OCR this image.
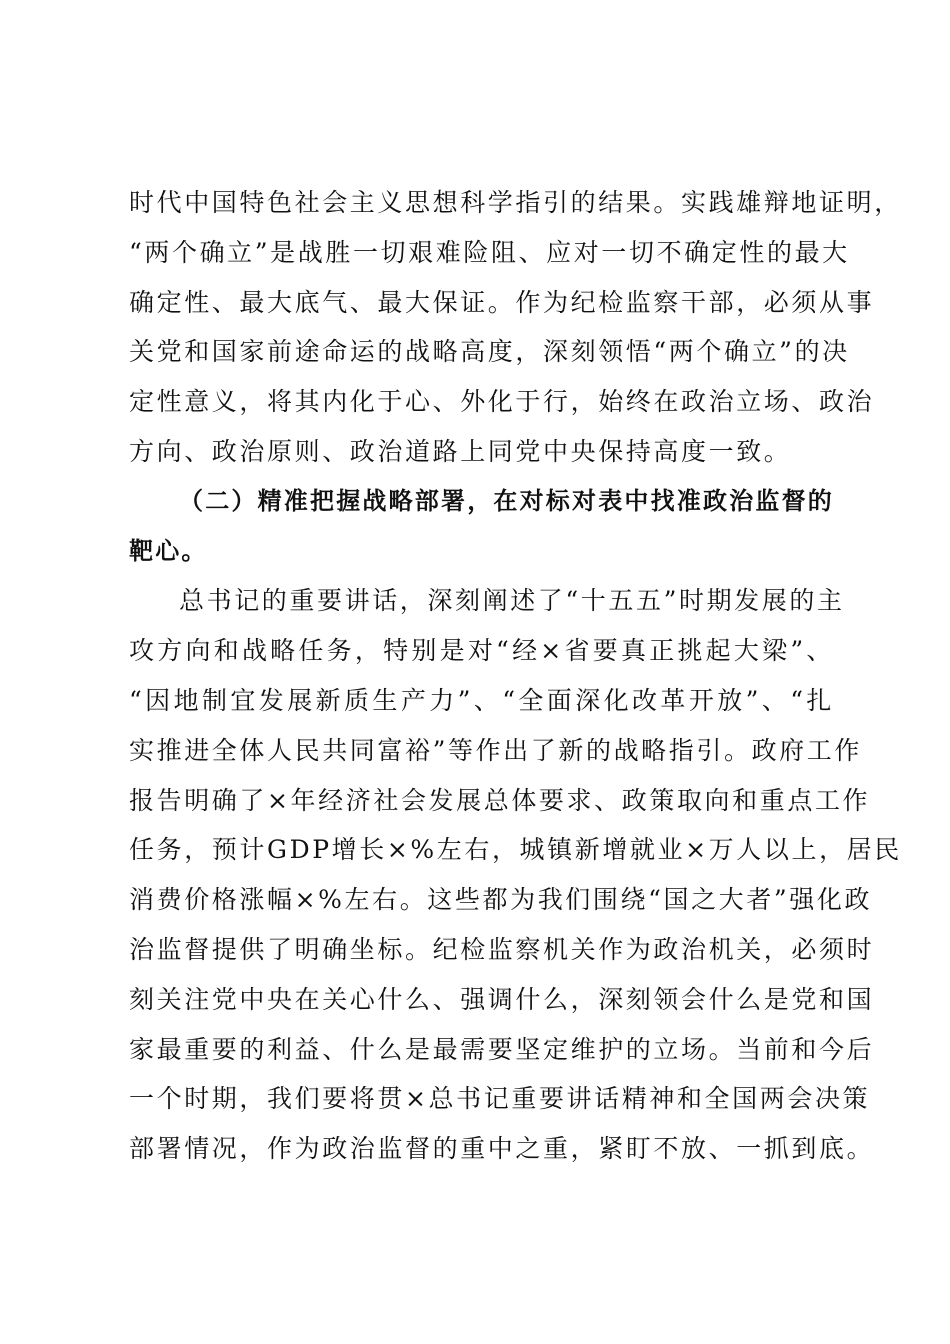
时代中国特色社会主义思想科学指引的结果。实践雄辩地证明，
“两个确立”是战胜一切艰难险阻、应对一切不确定性的最大
确定性、最大底气、最大保证。作为纪检监察干部，必须从事
关党和国家前途命运的战略高度，深刻领悟“两个确立”的决
定性意义，将其内化于心、外化于行，始终在政治立场、政治
方向、政治原则、政治道路上同党中央保持高度一致。
（二）精准把握战略部署，在对标对表中找准政治监督的
靶心。
总书记的重要讲话，深刻阐述了“十五五”时期发展的主
攻方向和战略任务，特别是对“经×省要真正挑起大梁”、
“因地制宜发展新质生产力”、“全面深化改革开放”、“扎
实推进全体人民共同富裕”等作出了新的战略指引。政府工作
报告明确了×年经济社会发展总体要求、政策取向和重点工作
任务，预计GDP增长×%左右，城镇新增就业×万人以上，居民
消费价格涨幅×%左右。这些都为我们围绕“国之大者”强化政
治监督提供了明确坐标。纪检监察机关作为政治机关，必须时
刻关注党中央在关心什么、强调什么，深刻领会什么是党和国
家最重要的利益、什么是最需要坚定维护的立场。当前和今后
一个时期，我们要将贯×总书记重要讲话精神和全国两会决策
部署情况，作为政治监督的重中之重，紧盯不放、一抓到底。
